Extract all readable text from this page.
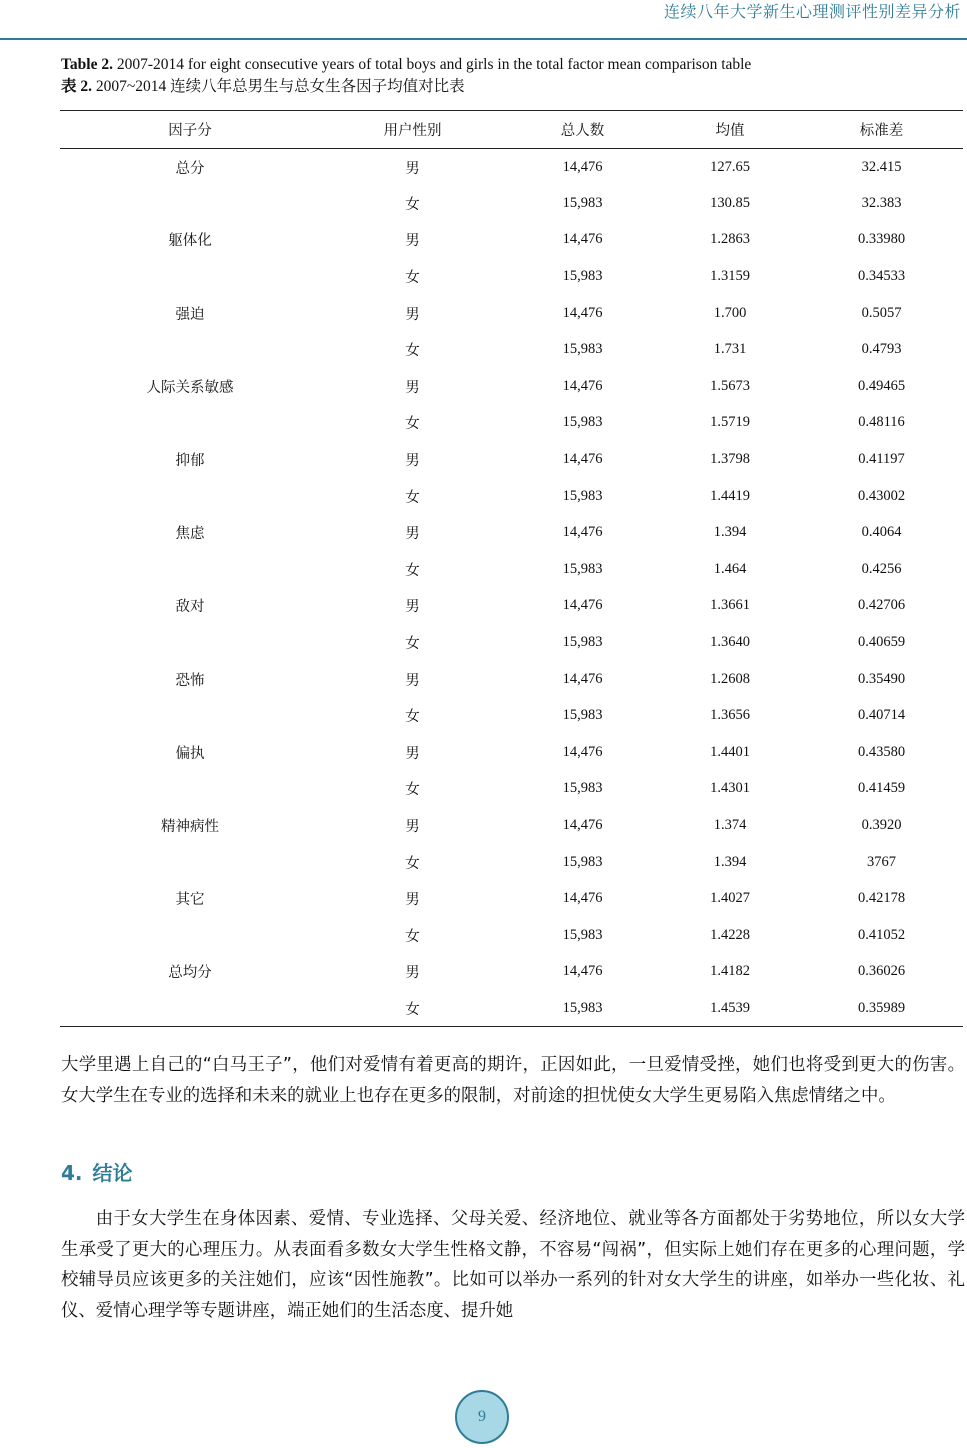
连续八年大学新生心理测评性别差异分析
Table 2. 2007-2014 for eight consecutive years of total boys and girls in the total factor mean comparison table
表 2. 2007~2014 连续八年总男生与总女生各因子均值对比表
因子分	用户性别	总人数	均值	标准差
总分	男	14,476	127.65	32.415
	女	15,983	130.85	32.383
躯体化	男	14,476	1.2863	0.33980
	女	15,983	1.3159	0.34533
强迫	男	14,476	1.700	0.5057
	女	15,983	1.731	0.4793
人际关系敏感	男	14,476	1.5673	0.49465
	女	15,983	1.5719	0.48116
抑郁	男	14,476	1.3798	0.41197
	女	15,983	1.4419	0.43002
焦虑	男	14,476	1.394	0.4064
	女	15,983	1.464	0.4256
敌对	男	14,476	1.3661	0.42706
	女	15,983	1.3640	0.40659
恐怖	男	14,476	1.2608	0.35490
	女	15,983	1.3656	0.40714
偏执	男	14,476	1.4401	0.43580
	女	15,983	1.4301	0.41459
精神病性	男	14,476	1.374	0.3920
	女	15,983	1.394	3767
其它	男	14,476	1.4027	0.42178
	女	15,983	1.4228	0.41052
总均分	男	14,476	1.4182	0.36026
	女	15,983	1.4539	0.35989
大学里遇上自己的“白马王子”，他们对爱情有着更高的期许，正因如此，一旦爱情受挫，她们也将受到更大的伤害。女大学生在专业的选择和未来的就业上也存在更多的限制，对前途的担忧使女大学生更易陷入焦虑情绪之中。
4. 结论
由于女大学生在身体因素、爱情、专业选择、父母关爱、经济地位、就业等各方面都处于劣势地位，所以女大学生承受了更大的心理压力。从表面看多数女大学生性格文静，不容易“闯祸”，但实际上她们存在更多的心理问题，学校辅导员应该更多的关注她们，应该“因性施教”。比如可以举办一系列的针对女大学生的讲座，如举办一些化妆、礼仪、爱情心理学等专题讲座，端正她们的生活态度、提升她
9
